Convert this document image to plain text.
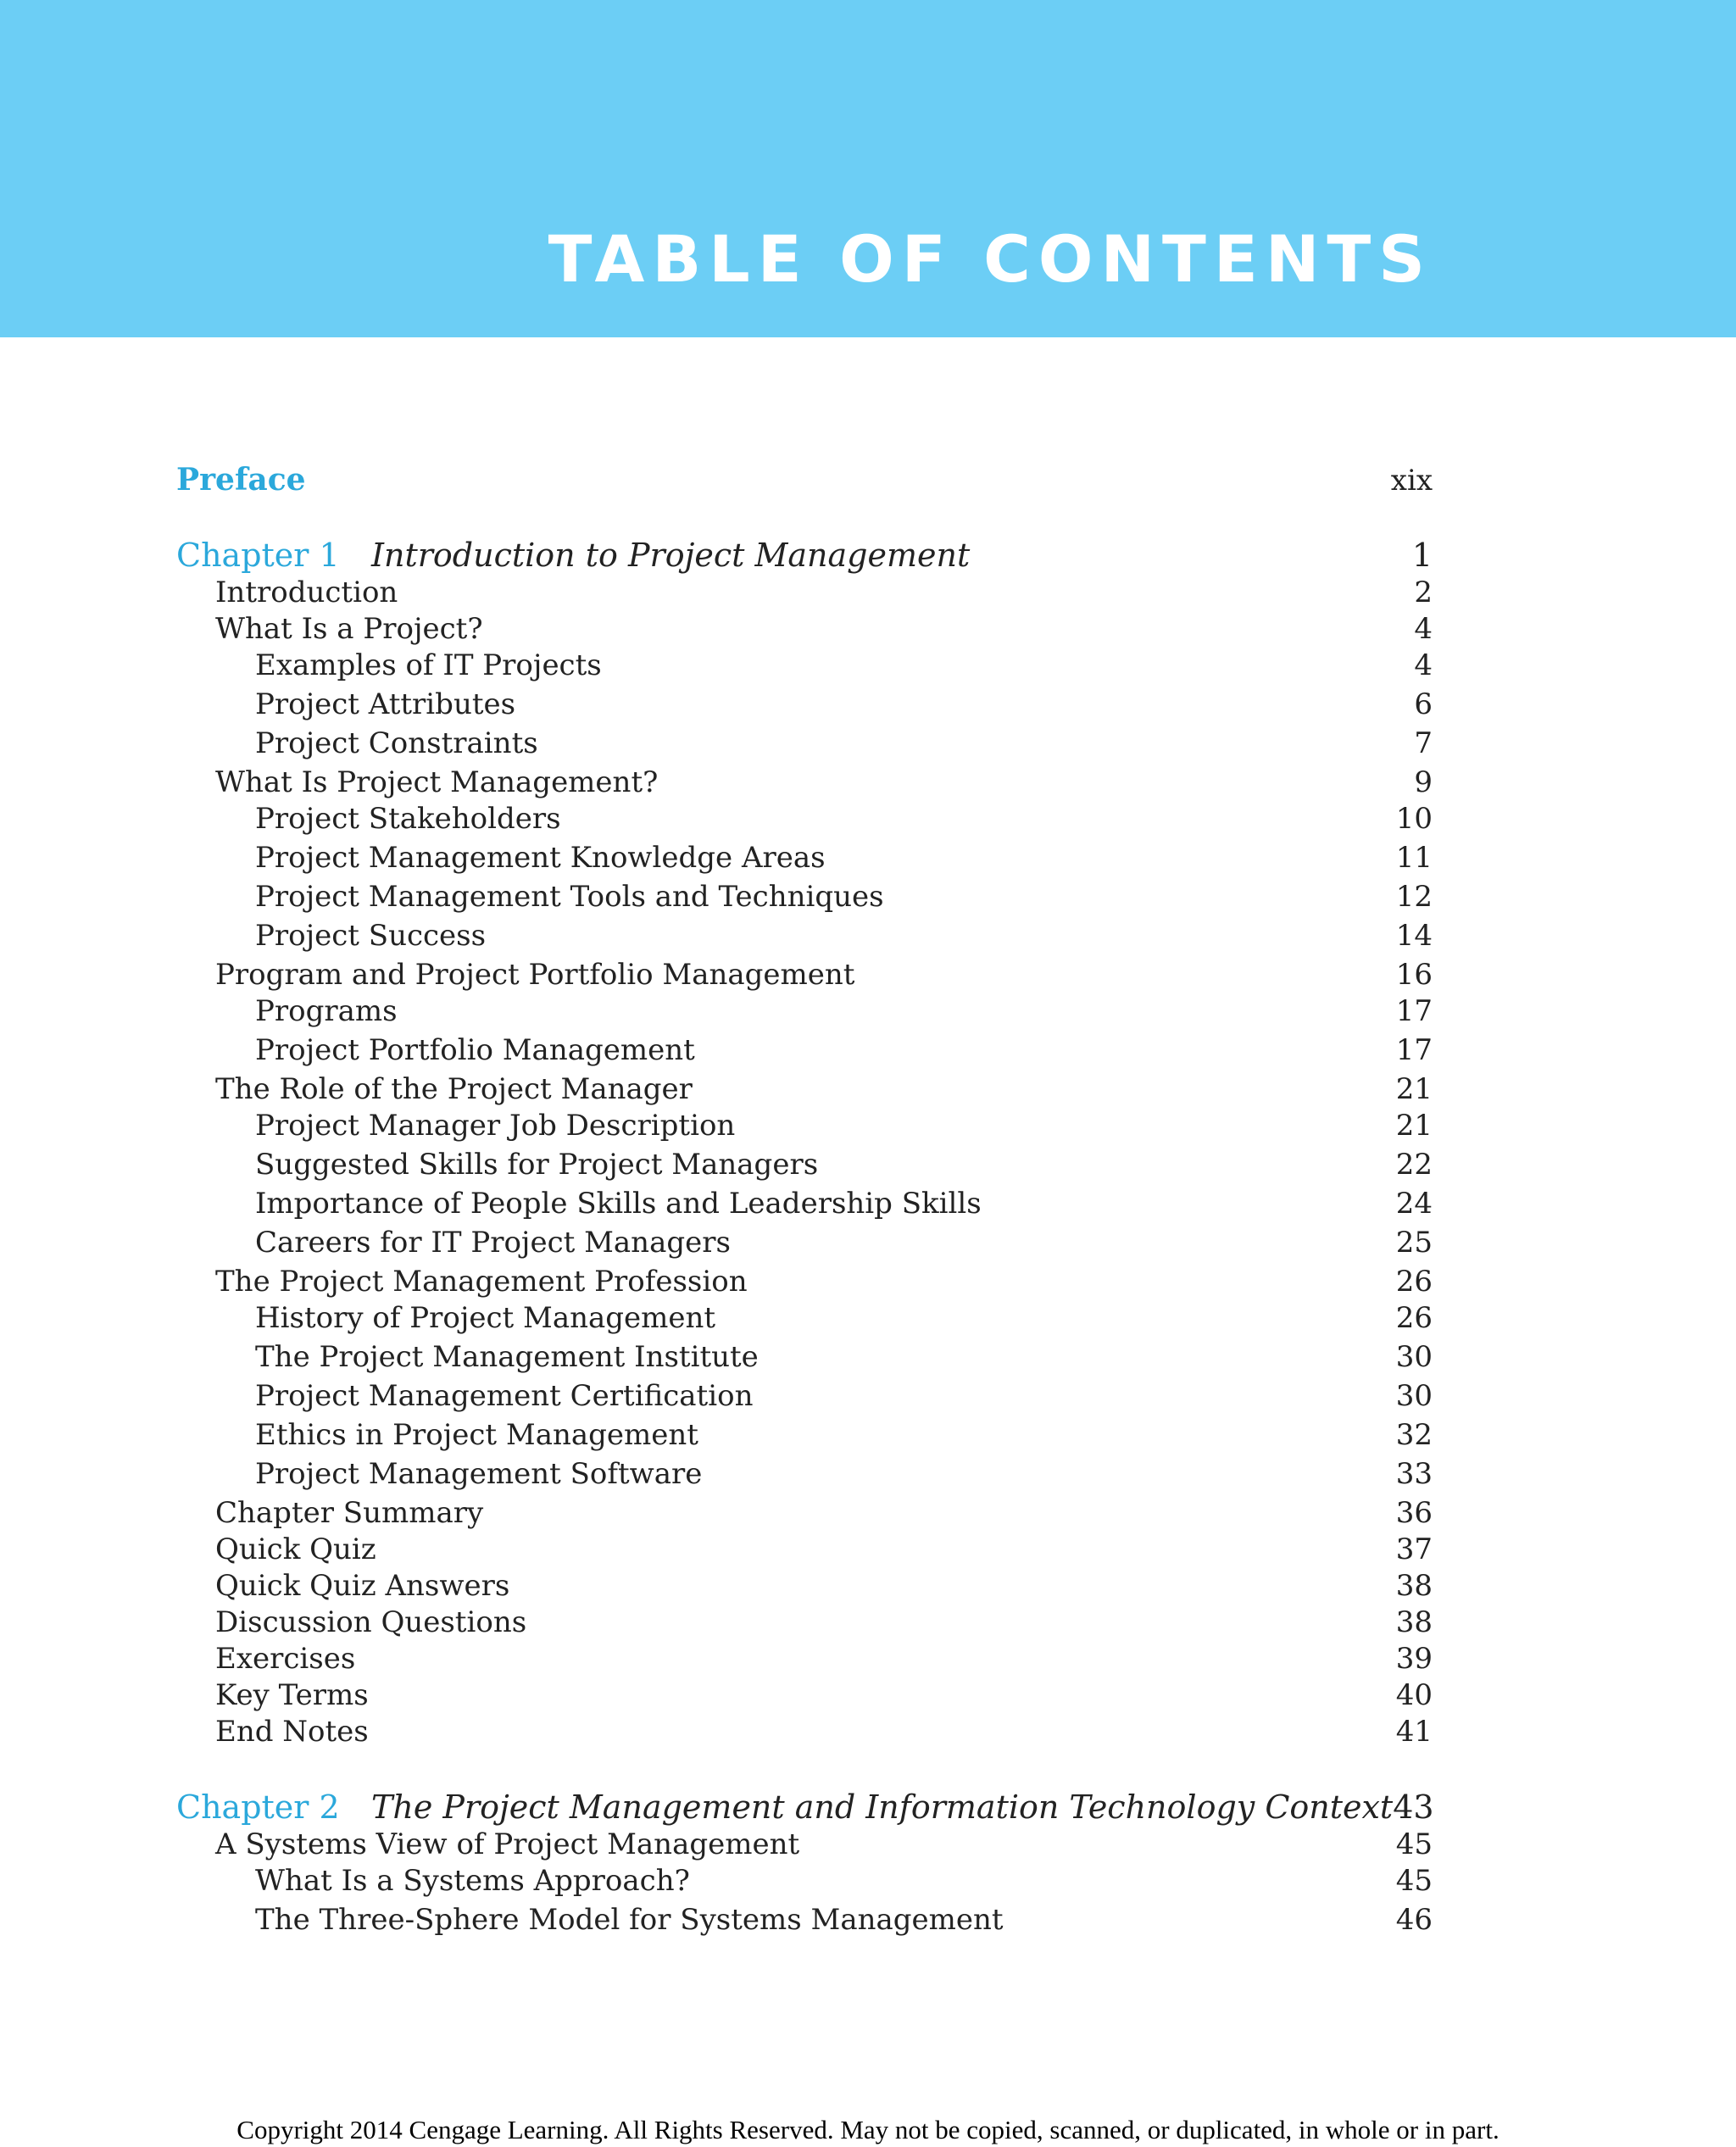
TABLE OF CONTENTS
Preface	xix
Chapter 1 Introduction to Project Management	1
Introduction	2
What Is a Project?	4
Examples of IT Projects	4
Project Attributes	6
Project Constraints	7
What Is Project Management?	9
Project Stakeholders	10
Project Management Knowledge Areas	11
Project Management Tools and Techniques	12
Project Success	14
Program and Project Portfolio Management	16
Programs	17
Project Portfolio Management	17
The Role of the Project Manager	21
Project Manager Job Description	21
Suggested Skills for Project Managers	22
Importance of People Skills and Leadership Skills	24
Careers for IT Project Managers	25
The Project Management Profession	26
History of Project Management	26
The Project Management Institute	30
Project Management Certification	30
Ethics in Project Management	32
Project Management Software	33
Chapter Summary	36
Quick Quiz	37
Quick Quiz Answers	38
Discussion Questions	38
Exercises	39
Key Terms	40
End Notes	41
Chapter 2 The Project Management and Information Technology Context 43
A Systems View of Project Management	45
What Is a Systems Approach?	45
The Three-Sphere Model for Systems Management	46

Copyright 2014 Cengage Learning. All Rights Reserved. May not be copied, scanned, or duplicated, in whole or in part.
